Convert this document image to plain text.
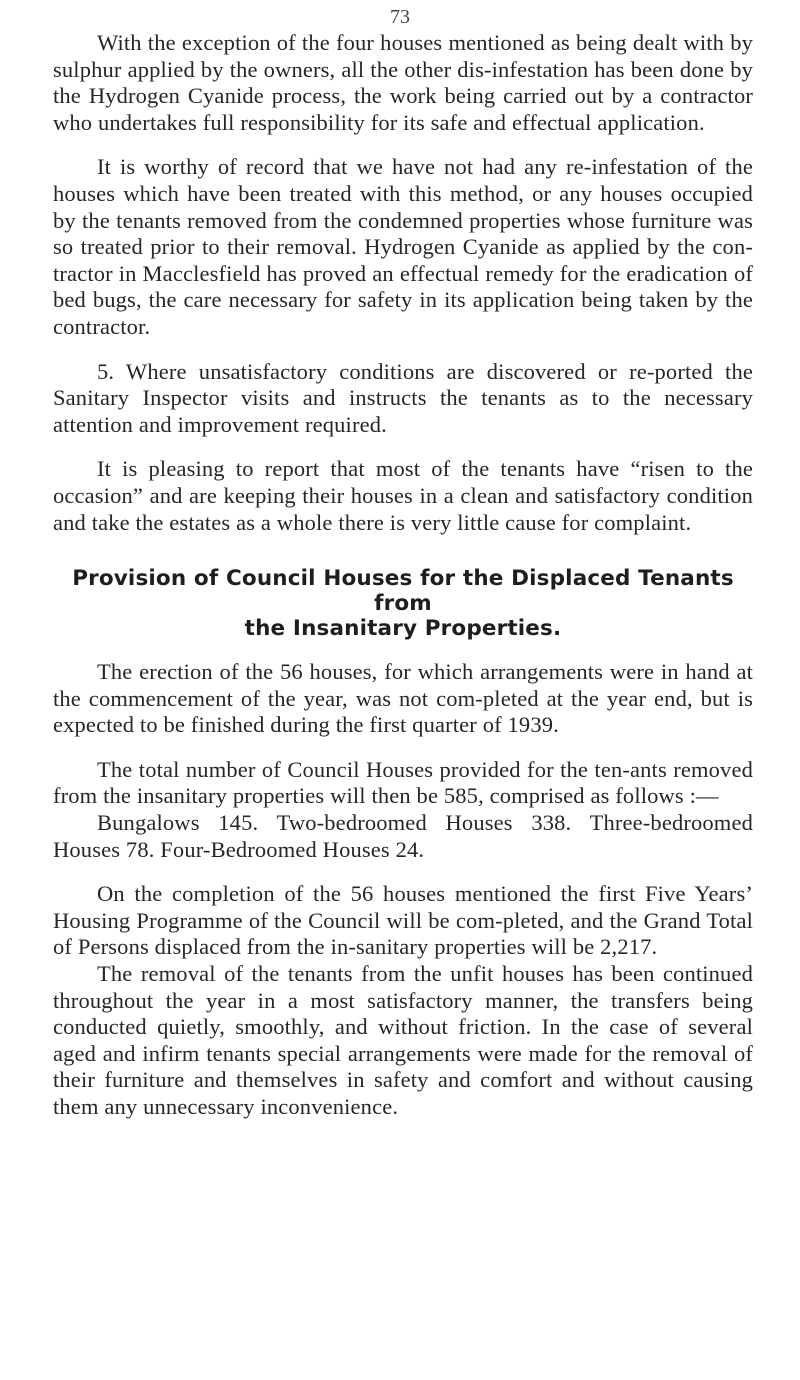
73

With the exception of the four houses mentioned as being dealt with by sulphur applied by the owners, all the other dis-infestation has been done by the Hydrogen Cyanide process, the work being carried out by a contractor who undertakes full responsibility for its safe and effectual application.

It is worthy of record that we have not had any re-infestation of the houses which have been treated with this method, or any houses occupied by the tenants removed from the condemned properties whose furniture was so treated prior to their removal. Hydrogen Cyanide as applied by the con-tractor in Macclesfield has proved an effectual remedy for the eradication of bed bugs, the care necessary for safety in its application being taken by the contractor.

5. Where unsatisfactory conditions are discovered or re-ported the Sanitary Inspector visits and instructs the tenants as to the necessary attention and improvement required.

It is pleasing to report that most of the tenants have “risen to the occasion” and are keeping their houses in a clean and satisfactory condition and take the estates as a whole there is very little cause for complaint.

Provision of Council Houses for the Displaced Tenants from
the Insanitary Properties.

The erection of the 56 houses, for which arrangements were in hand at the commencement of the year, was not com-pleted at the year end, but is expected to be finished during the first quarter of 1939.

The total number of Council Houses provided for the ten-ants removed from the insanitary properties will then be 585, comprised as follows :—

Bungalows 145. Two-bedroomed Houses 338. Three-bedroomed Houses 78. Four-Bedroomed Houses 24.

On the completion of the 56 houses mentioned the first Five Years’ Housing Programme of the Council will be com-pleted, and the Grand Total of Persons displaced from the in-sanitary properties will be 2,217.

The removal of the tenants from the unfit houses has been continued throughout the year in a most satisfactory manner, the transfers being conducted quietly, smoothly, and without friction. In the case of several aged and infirm tenants special arrangements were made for the removal of their furniture and themselves in safety and comfort and without causing them any unnecessary inconvenience.
